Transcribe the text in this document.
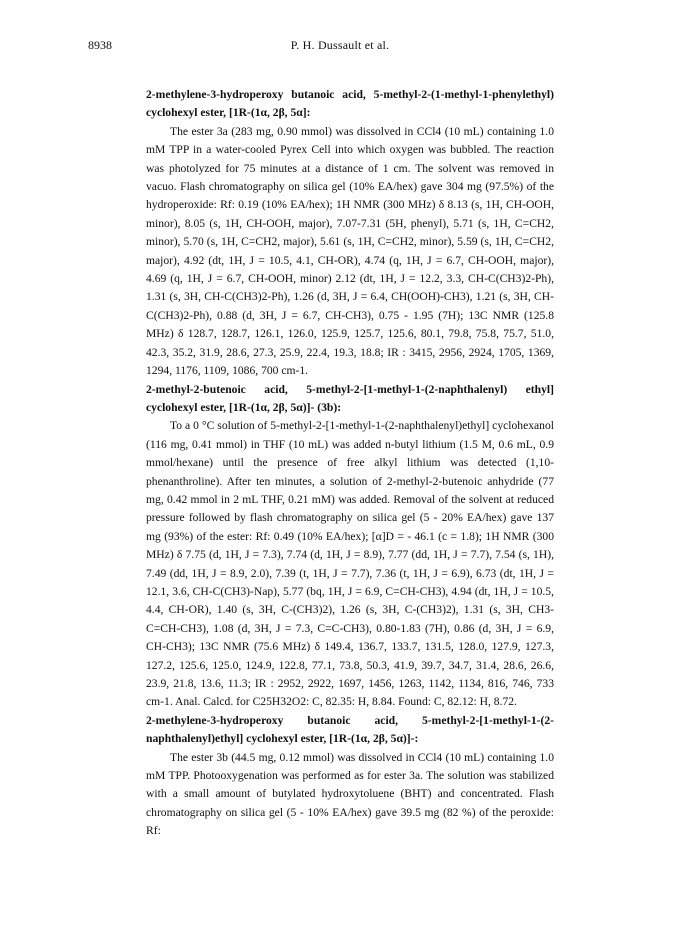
8938	P. H. Dussault et al.

2-methylene-3-hydroperoxy butanoic acid, 5-methyl-2-(1-methyl-1-phenylethyl) cyclohexyl ester, [1R-(1α, 2β, 5α]:

The ester 3a (283 mg, 0.90 mmol) was dissolved in CCl4 (10 mL) containing 1.0 mM TPP in a water-cooled Pyrex Cell into which oxygen was bubbled. The reaction was photolyzed for 75 minutes at a distance of 1 cm. The solvent was removed in vacuo. Flash chromatography on silica gel (10% EA/hex) gave 304 mg (97.5%) of the hydroperoxide: Rf: 0.19 (10% EA/hex); 1H NMR (300 MHz) δ 8.13 (s, 1H, CH-OOH, minor), 8.05 (s, 1H, CH-OOH, major), 7.07-7.31 (5H, phenyl), 5.71 (s, 1H, C=CH2, minor), 5.70 (s, 1H, C=CH2, major), 5.61 (s, 1H, C=CH2, minor), 5.59 (s, 1H, C=CH2, major), 4.92 (dt, 1H, J = 10.5, 4.1, CH-OR), 4.74 (q, 1H, J = 6.7, CH-OOH, major), 4.69 (q, 1H, J = 6.7, CH-OOH, minor) 2.12 (dt, 1H, J = 12.2, 3.3, CH-C(CH3)2-Ph), 1.31 (s, 3H, CH-C(CH3)2-Ph), 1.26 (d, 3H, J = 6.4, CH(OOH)-CH3), 1.21 (s, 3H, CH-C(CH3)2-Ph), 0.88 (d, 3H, J = 6.7, CH-CH3), 0.75 - 1.95 (7H); 13C NMR (125.8 MHz) δ 128.7, 128.7, 126.1, 126.0, 125.9, 125.7, 125.6, 80.1, 79.8, 75.8, 75.7, 51.0, 42.3, 35.2, 31.9, 28.6, 27.3, 25.9, 22.4, 19.3, 18.8; IR : 3415, 2956, 2924, 1705, 1369, 1294, 1176, 1109, 1086, 700 cm-1.

2-methyl-2-butenoic acid, 5-methyl-2-[1-methyl-1-(2-naphthalenyl) ethyl] cyclohexyl ester, [1R-(1α, 2β, 5α)]- (3b):

To a 0 °C solution of 5-methyl-2-[1-methyl-1-(2-naphthalenyl)ethyl] cyclohexanol (116 mg, 0.41 mmol) in THF (10 mL) was added n-butyl lithium (1.5 M, 0.6 mL, 0.9 mmol/hexane) until the presence of free alkyl lithium was detected (1,10-phenanthroline). After ten minutes, a solution of 2-methyl-2-butenoic anhydride (77 mg, 0.42 mmol in 2 mL THF, 0.21 mM) was added. Removal of the solvent at reduced pressure followed by flash chromatography on silica gel (5 - 20% EA/hex) gave 137 mg (93%) of the ester: Rf: 0.49 (10% EA/hex); [α]D = - 46.1 (c = 1.8); 1H NMR (300 MHz) δ 7.75 (d, 1H, J = 7.3), 7.74 (d, 1H, J = 8.9), 7.77 (dd, 1H, J = 7.7), 7.54 (s, 1H), 7.49 (dd, 1H, J = 8.9, 2.0), 7.39 (t, 1H, J = 7.7), 7.36 (t, 1H, J = 6.9), 6.73 (dt, 1H, J = 12.1, 3.6, CH-C(CH3)-Nap), 5.77 (bq, 1H, J = 6.9, C=CH-CH3), 4.94 (dt, 1H, J = 10.5, 4.4, CH-OR), 1.40 (s, 3H, C-(CH3)2), 1.26 (s, 3H, C-(CH3)2), 1.31 (s, 3H, CH3-C=CH-CH3), 1.08 (d, 3H, J = 7.3, C=C-CH3), 0.80-1.83 (7H), 0.86 (d, 3H, J = 6.9, CH-CH3); 13C NMR (75.6 MHz) δ 149.4, 136.7, 133.7, 131.5, 128.0, 127.9, 127.3, 127.2, 125.6, 125.0, 124.9, 122.8, 77.1, 73.8, 50.3, 41.9, 39.7, 34.7, 31.4, 28.6, 26.6, 23.9, 21.8, 13.6, 11.3; IR : 2952, 2922, 1697, 1456, 1263, 1142, 1134, 816, 746, 733 cm-1. Anal. Calcd. for C25H32O2: C, 82.35: H, 8.84. Found: C, 82.12: H, 8.72.

2-methylene-3-hydroperoxy butanoic acid, 5-methyl-2-[1-methyl-1-(2-naphthalenyl)ethyl] cyclohexyl ester, [1R-(1α, 2β, 5α)]-:

The ester 3b (44.5 mg, 0.12 mmol) was dissolved in CCl4 (10 mL) containing 1.0 mM TPP. Photooxygenation was performed as for ester 3a. The solution was stabilized with a small amount of butylated hydroxytoluene (BHT) and concentrated. Flash chromatography on silica gel (5 - 10% EA/hex) gave 39.5 mg (82 %) of the peroxide: Rf:
